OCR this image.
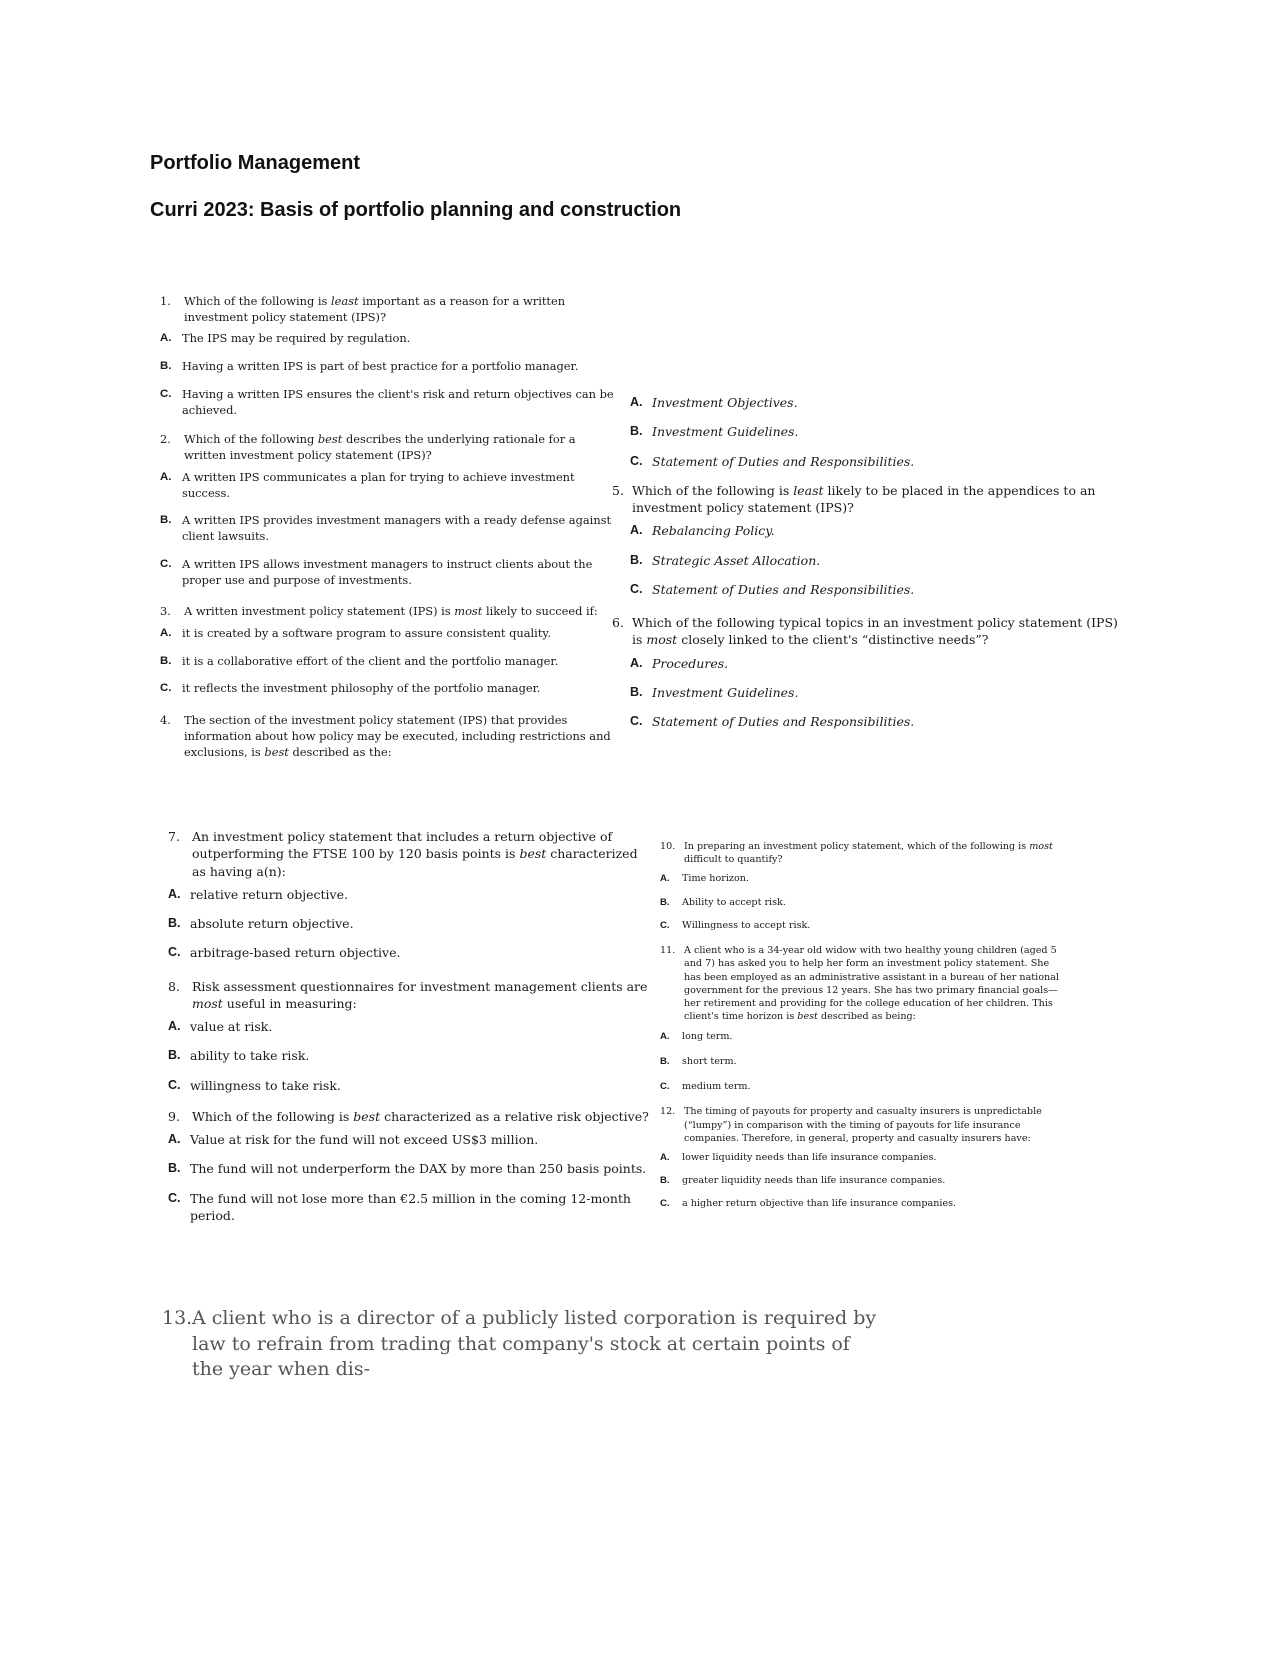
Portfolio Management
Curri 2023: Basis of portfolio planning and construction

1. Which of the following is least important as a reason for a written investment policy statement (IPS)?

A. The IPS may be required by regulation.
B. Having a written IPS is part of best practice for a portfolio manager.
C. Having a written IPS ensures the client's risk and return objectives can be achieved.

2. Which of the following best describes the underlying rationale for a written investment policy statement (IPS)?

A. A written IPS communicates a plan for trying to achieve investment success.
B. A written IPS provides investment managers with a ready defense against client lawsuits.
C. A written IPS allows investment managers to instruct clients about the proper use and purpose of investments.

3. A written investment policy statement (IPS) is most likely to succeed if:

A. it is created by a software program to assure consistent quality.
B. it is a collaborative effort of the client and the portfolio manager.
C. it reflects the investment philosophy of the portfolio manager.

4. The section of the investment policy statement (IPS) that provides information about how policy may be executed, including restrictions and exclusions, is best described as the:

A. Investment Objectives.
B. Investment Guidelines.
C. Statement of Duties and Responsibilities.

5. Which of the following is least likely to be placed in the appendices to an investment policy statement (IPS)?

A. Rebalancing Policy.
B. Strategic Asset Allocation.
C. Statement of Duties and Responsibilities.

6. Which of the following typical topics in an investment policy statement (IPS) is most closely linked to the client's “distinctive needs”?

A. Procedures.
B. Investment Guidelines.
C. Statement of Duties and Responsibilities.

7. An investment policy statement that includes a return objective of outperforming the FTSE 100 by 120 basis points is best characterized as having a(n):

A. relative return objective.
B. absolute return objective.
C. arbitrage-based return objective.

8. Risk assessment questionnaires for investment management clients are most useful in measuring:

A. value at risk.
B. ability to take risk.
C. willingness to take risk.

9. Which of the following is best characterized as a relative risk objective?

A. Value at risk for the fund will not exceed US$3 million.
B. The fund will not underperform the DAX by more than 250 basis points.
C. The fund will not lose more than €2.5 million in the coming 12-month period.

10. In preparing an investment policy statement, which of the following is most difficult to quantify?

A. Time horizon.
B. Ability to accept risk.
C. Willingness to accept risk.

11. A client who is a 34-year old widow with two healthy young children (aged 5 and 7) has asked you to help her form an investment policy statement. She has been employed as an administrative assistant in a bureau of her national government for the previous 12 years. She has two primary financial goals—her retirement and providing for the college education of her children. This client's time horizon is best described as being:

A. long term.
B. short term.
C. medium term.

12. The timing of payouts for property and casualty insurers is unpredictable (“lumpy”) in comparison with the timing of payouts for life insurance companies. Therefore, in general, property and casualty insurers have:

A. lower liquidity needs than life insurance companies.
B. greater liquidity needs than life insurance companies.
C. a higher return objective than life insurance companies.

13. A client who is a director of a publicly listed corporation is required by law to refrain from trading that company's stock at certain points of the year when dis-
